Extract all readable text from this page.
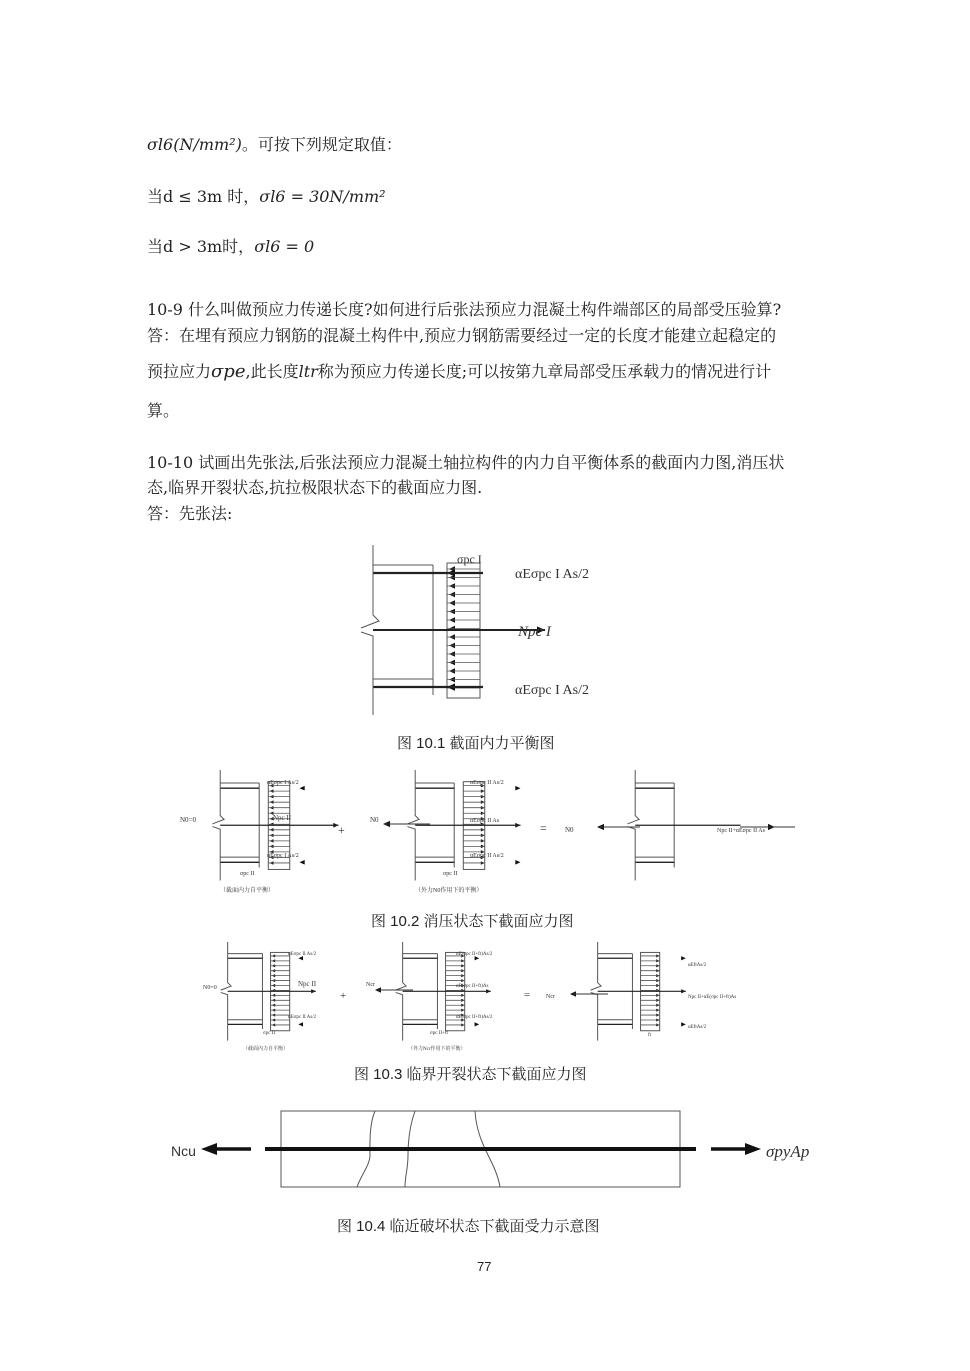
σl6(N/mm²)。可按下列规定取值：
当d ≤ 3m 时，σl6 = 30N/mm²
当d > 3m时，σl6 = 0
10-9 什么叫做预应力传递长度?如何进行后张法预应力混凝土构件端部区的局部受压验算?
答：在埋有预应力钢筋的混凝土构件中,预应力钢筋需要经过一定的长度才能建立起稳定的
预拉应力σpe,此长度ltr称为预应力传递长度;可以按第九章局部受压承载力的情况进行计
算。
10-10 试画出先张法,后张法预应力混凝土轴拉构件的内力自平衡体系的截面内力图,消压状
态,临界开裂状态,抗拉极限状态下的截面应力图.
答：先张法:
σpc I
αEσpc I As/2
Npc I
αEσpc I As/2
图 10.1 截面内力平衡图
N0=0
αEσpc I As/2
Npc II
αEσpc I As/2
σpc II
（截面内力自平衡）
+
N0
αEσpc II As/2
αEσpc II As
αEσpc II As/2
σpc II
（外力N0作用下的平衡）
=	N0	Npc II+αEσpc II As
图 10.2 消压状态下截面应力图
N0=0
αEσpc II As/2
Npc II
αEσpc II As/2
σpc II
（截面内力自平衡）
+
Ncr
αE(σpc II+ft)As/2
αE(σpc II+ft)As
αE(σpc II+ft)As/2
σpc II+ft
（外力Ncr作用下的平衡）
=	Ncr
αEftAs/2
Npc II+αE(σpc II+ft)As
αEftAs/2
ft
图 10.3 临界开裂状态下截面应力图
Ncu	σpyAp
图 10.4 临近破坏状态下截面受力示意图
77
